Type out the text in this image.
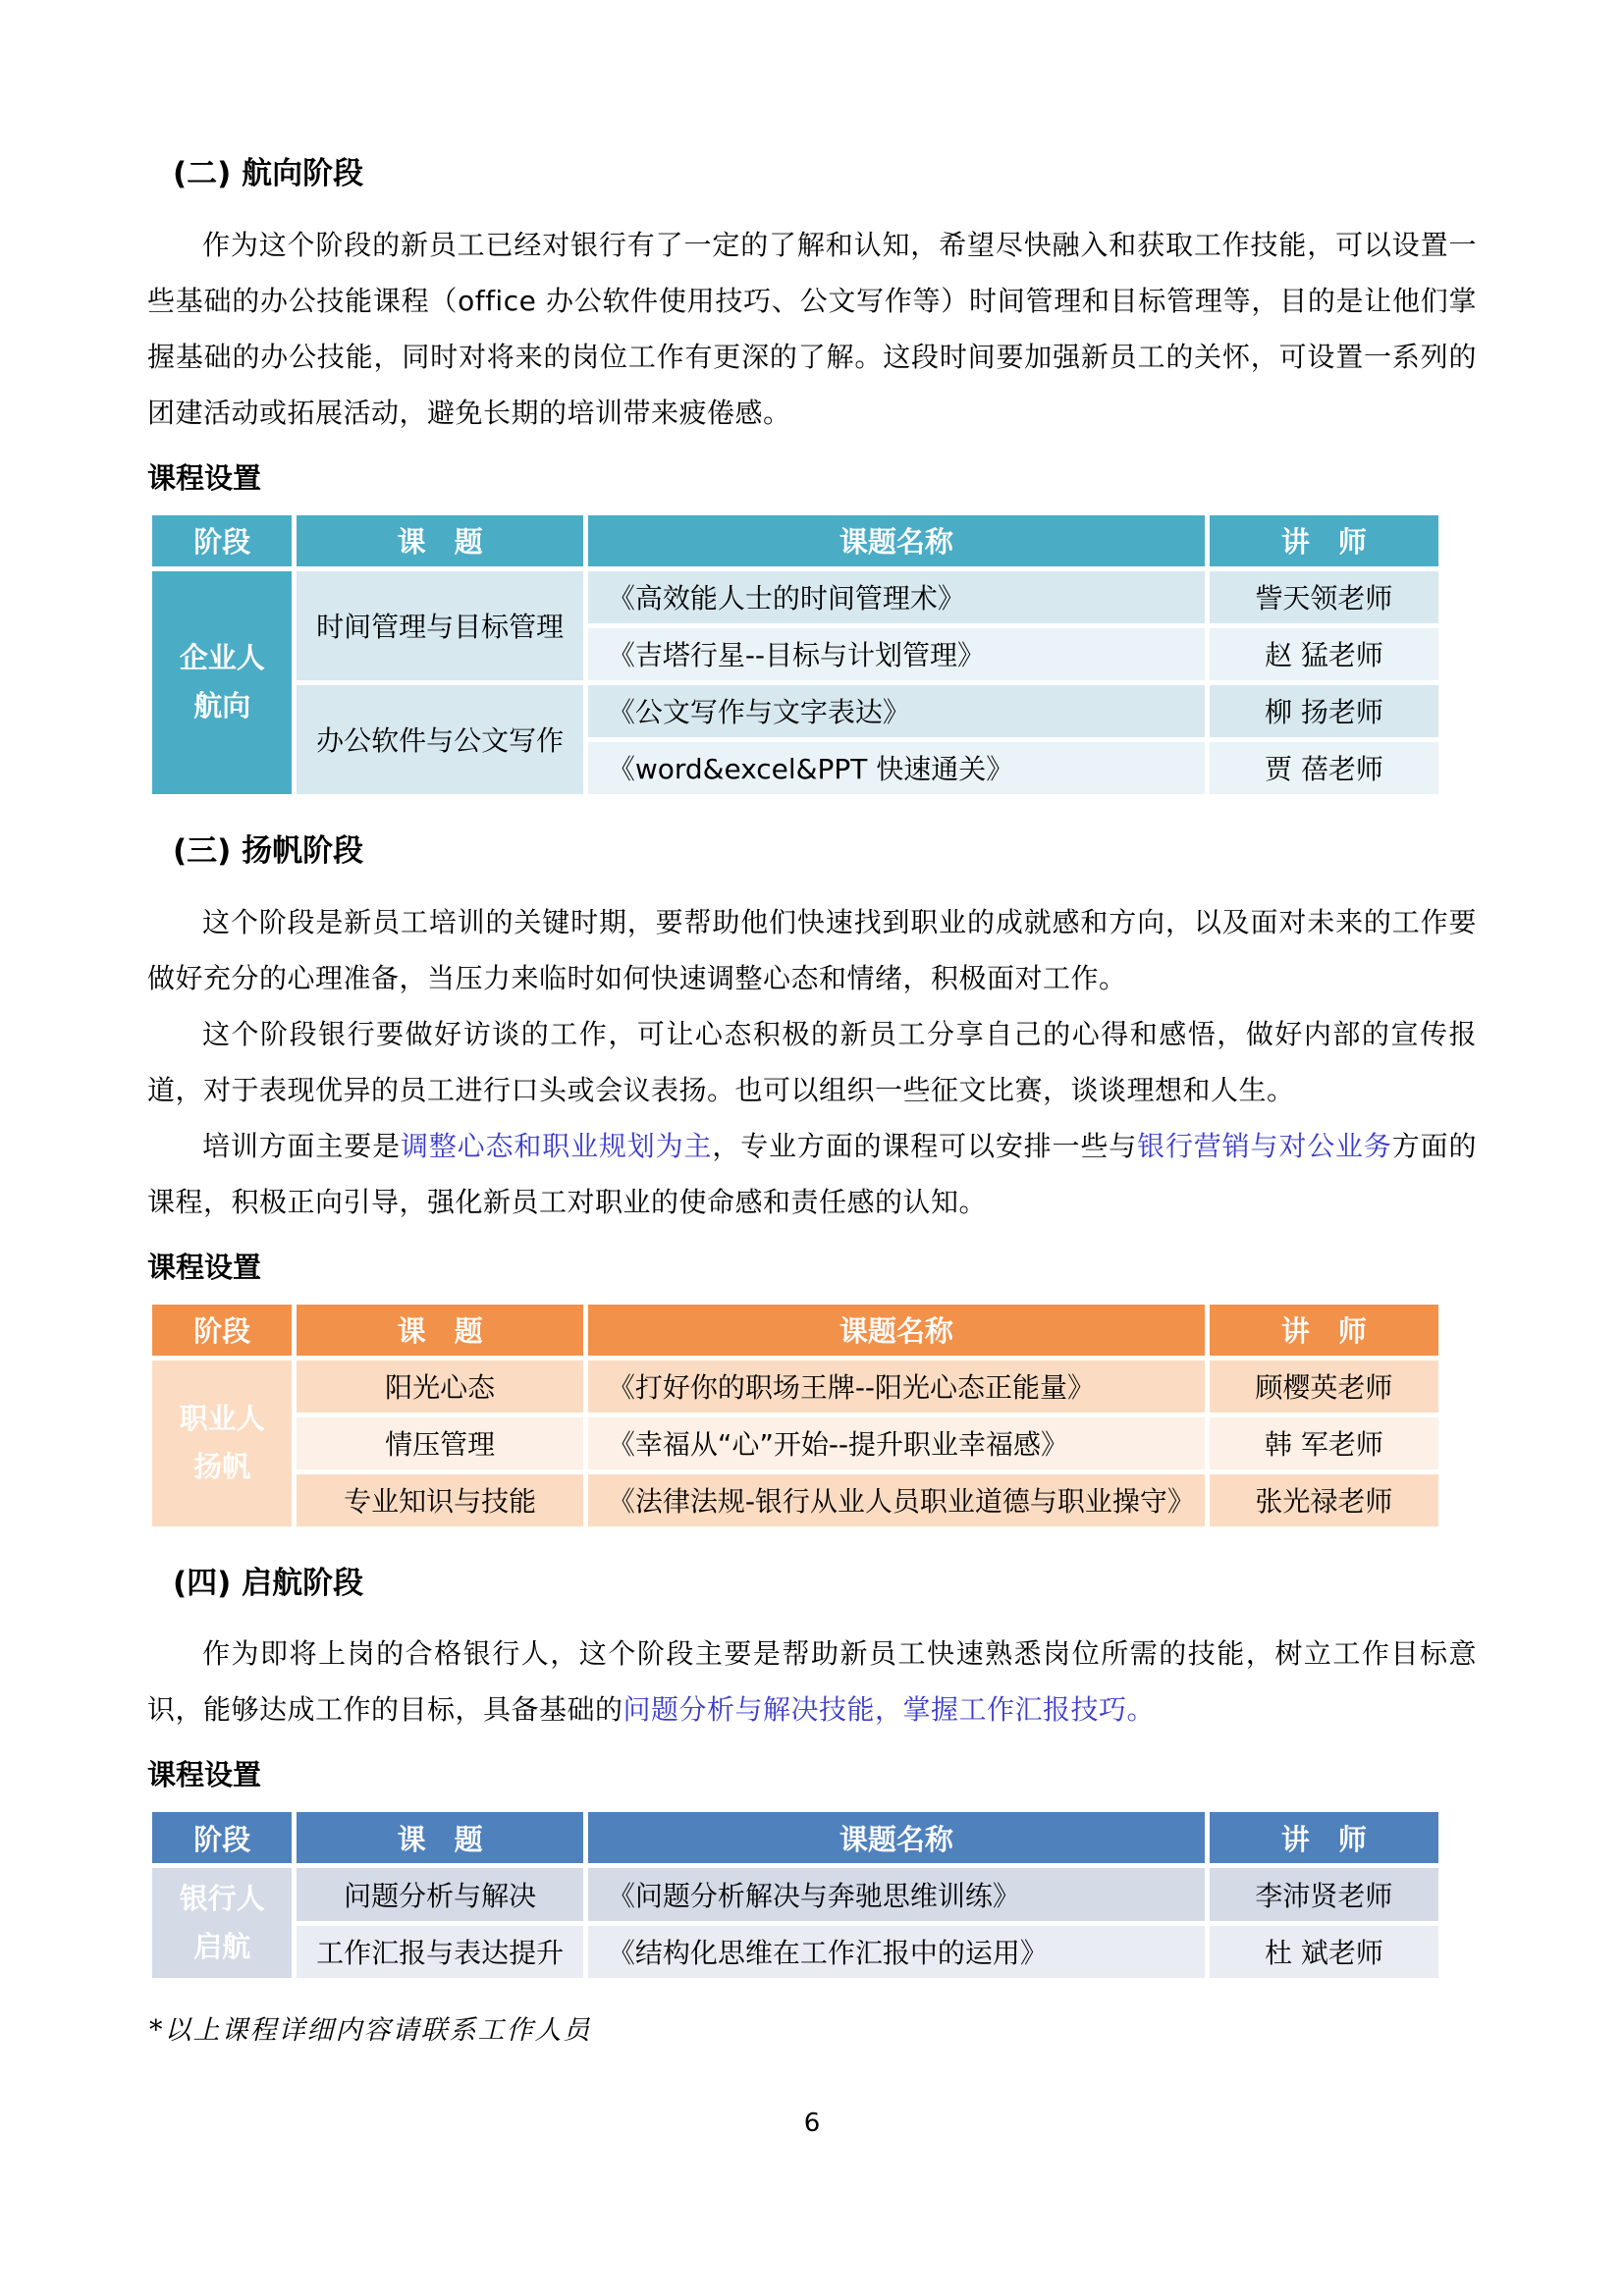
(二) 航向阶段

作为这个阶段的新员工已经对银行有了一定的了解和认知，希望尽快融入和获取工作技能，可以设置一些基础的办公技能课程（office 办公软件使用技巧、公文写作等）时间管理和目标管理等，目的是让他们掌握基础的办公技能，同时对将来的岗位工作有更深的了解。这段时间要加强新员工的关怀，可设置一系列的团建活动或拓展活动，避免长期的培训带来疲倦感。

课程设置
阶段	课　题	课题名称	讲　师

企业人
航向	时间管理与目标管理	《高效能人士的时间管理术》	訾天领老师
		《吉塔行星--目标与计划管理》	赵 猛老师
	办公软件与公文写作	《公文写作与文字表达》	柳 扬老师
		《word&excel&PPT 快速通关》	贾 蓓老师
(三) 扬帆阶段

这个阶段是新员工培训的关键时期，要帮助他们快速找到职业的成就感和方向，以及面对未来的工作要做好充分的心理准备，当压力来临时如何快速调整心态和情绪，积极面对工作。

这个阶段银行要做好访谈的工作，可让心态积极的新员工分享自己的心得和感悟，做好内部的宣传报道，对于表现优异的员工进行口头或会议表扬。也可以组织一些征文比赛，谈谈理想和人生。

培训方面主要是调整心态和职业规划为主，专业方面的课程可以安排一些与银行营销与对公业务方面的课程，积极正向引导，强化新员工对职业的使命感和责任感的认知。

课程设置
阶段	课　题	课题名称	讲　师

职业人
扬帆	阳光心态	《打好你的职场王牌--阳光心态正能量》	顾樱英老师
	情压管理	《幸福从“心”开始--提升职业幸福感》	韩 军老师
	专业知识与技能	《法律法规-银行从业人员职业道德与职业操守》	张光禄老师
(四) 启航阶段

作为即将上岗的合格银行人，这个阶段主要是帮助新员工快速熟悉岗位所需的技能，树立工作目标意识，能够达成工作的目标，具备基础的问题分析与解决技能，掌握工作汇报技巧。

课程设置
阶段	课　题	课题名称	讲　师

银行人
启航	问题分析与解决	《问题分析解决与奔驰思维训练》	李沛贤老师
	工作汇报与表达提升	《结构化思维在工作汇报中的运用》	杜 斌老师

*以上课程详细内容请联系工作人员

6
